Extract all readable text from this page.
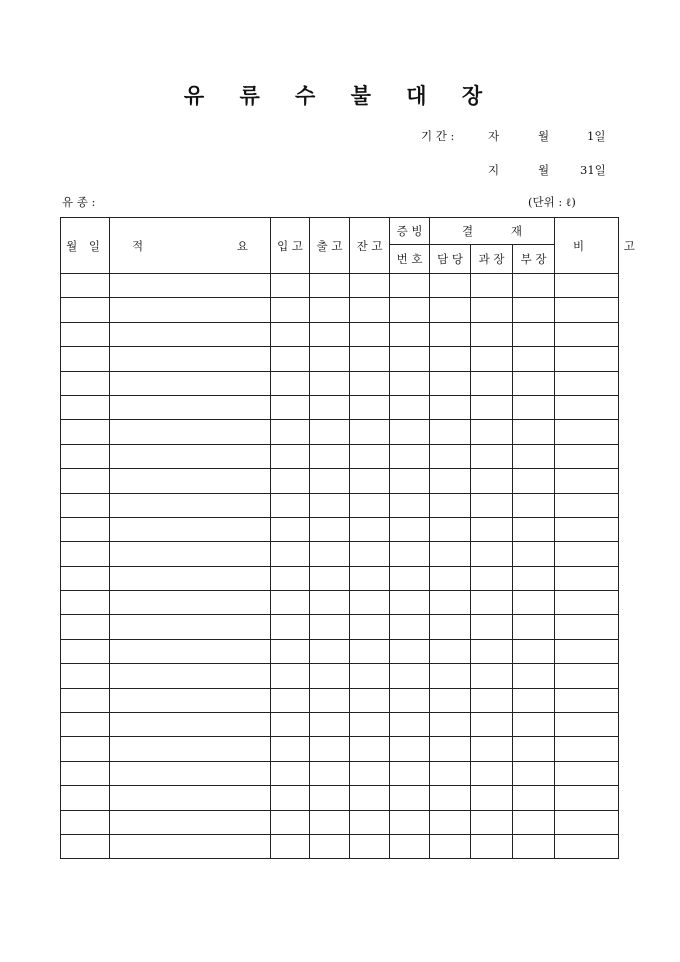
유 류 수 불 대 장
기 간 :	자	월	1일
지	월	31일
유 종 :	(단위 : ℓ)
월 일	적 요	입 고	출 고	잔 고	증 빙	결 재			비 고
					번 호	담 당	과 장	부 장	
